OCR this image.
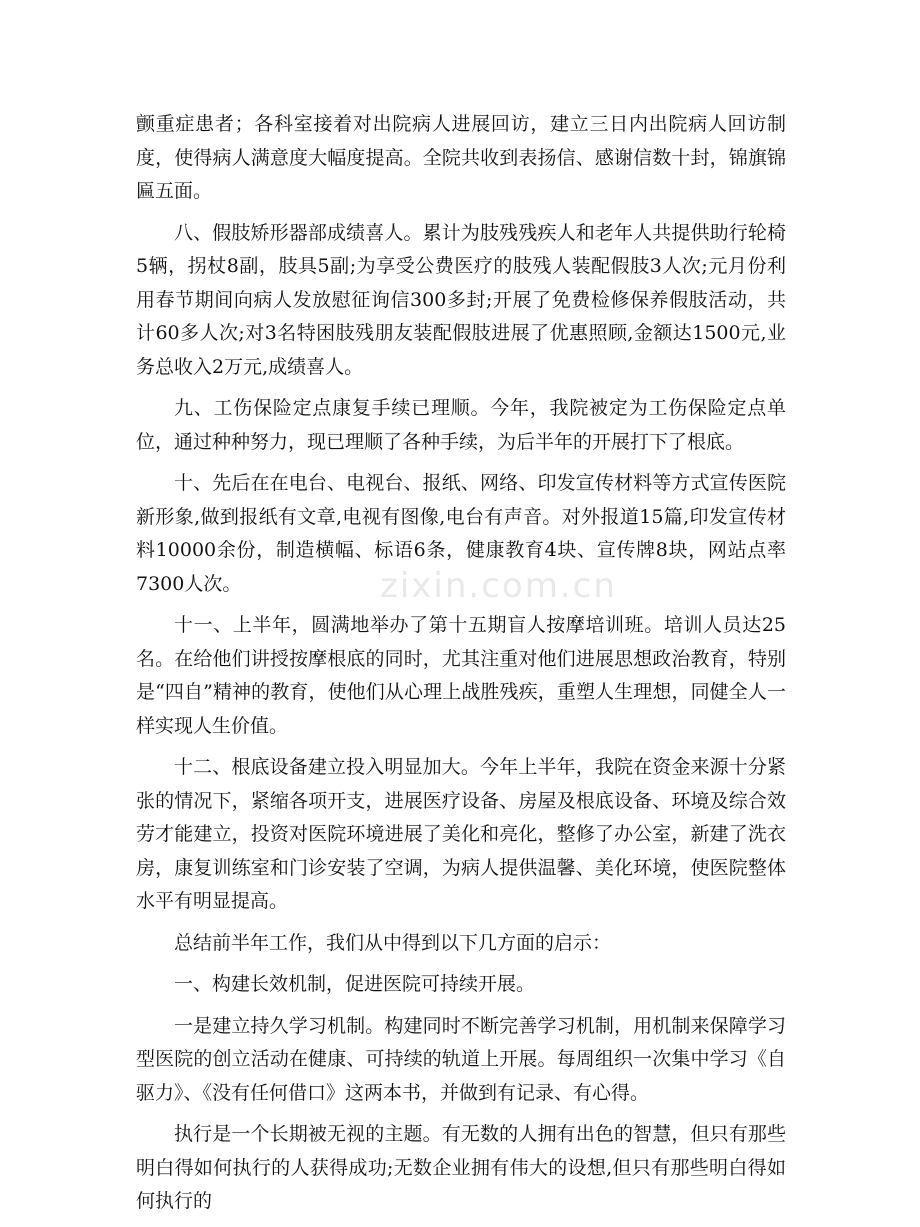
zixin.com.cn

颤重症患者；各科室接着对出院病人进展回访，建立三日内出院病人回访制度，使得病人满意度大幅度提高。全院共收到表扬信、感谢信数十封，锦旗锦匾五面。

八、假肢矫形器部成绩喜人。累计为肢残残疾人和老年人共提供助行轮椅5辆，拐杖8副，肢具5副;为享受公费医疗的肢残人装配假肢3人次;元月份利用春节期间向病人发放慰征询信300多封;开展了免费检修保养假肢活动，共计60多人次;对3名特困肢残朋友装配假肢进展了优惠照顾,金额达1500元,业务总收入2万元,成绩喜人。

九、工伤保险定点康复手续已理顺。今年，我院被定为工伤保险定点单位，通过种种努力，现已理顺了各种手续，为后半年的开展打下了根底。

十、先后在在电台、电视台、报纸、网络、印发宣传材料等方式宣传医院新形象,做到报纸有文章,电视有图像,电台有声音。对外报道15篇,印发宣传材料10000余份，制造横幅、标语6条，健康教育4块、宣传牌8块，网站点率7300人次。

十一、上半年，圆满地举办了第十五期盲人按摩培训班。培训人员达25名。在给他们讲授按摩根底的同时，尤其注重对他们进展思想政治教育，特别是“四自”精神的教育，使他们从心理上战胜残疾，重塑人生理想，同健全人一样实现人生价值。

十二、根底设备建立投入明显加大。今年上半年，我院在资金来源十分紧张的情况下，紧缩各项开支，进展医疗设备、房屋及根底设备、环境及综合效劳才能建立，投资对医院环境进展了美化和亮化，整修了办公室，新建了洗衣房，康复训练室和门诊安装了空调，为病人提供温馨、美化环境，使医院整体水平有明显提高。

总结前半年工作，我们从中得到以下几方面的启示：

一、构建长效机制，促进医院可持续开展。

一是建立持久学习机制。构建同时不断完善学习机制，用机制来保障学习型医院的创立活动在健康、可持续的轨道上开展。每周组织一次集中学习《自驱力》、《没有任何借口》这两本书，并做到有记录、有心得。

执行是一个长期被无视的主题。有无数的人拥有出色的智慧，但只有那些明白得如何执行的人获得成功;无数企业拥有伟大的设想,但只有那些明白得如何执行的
